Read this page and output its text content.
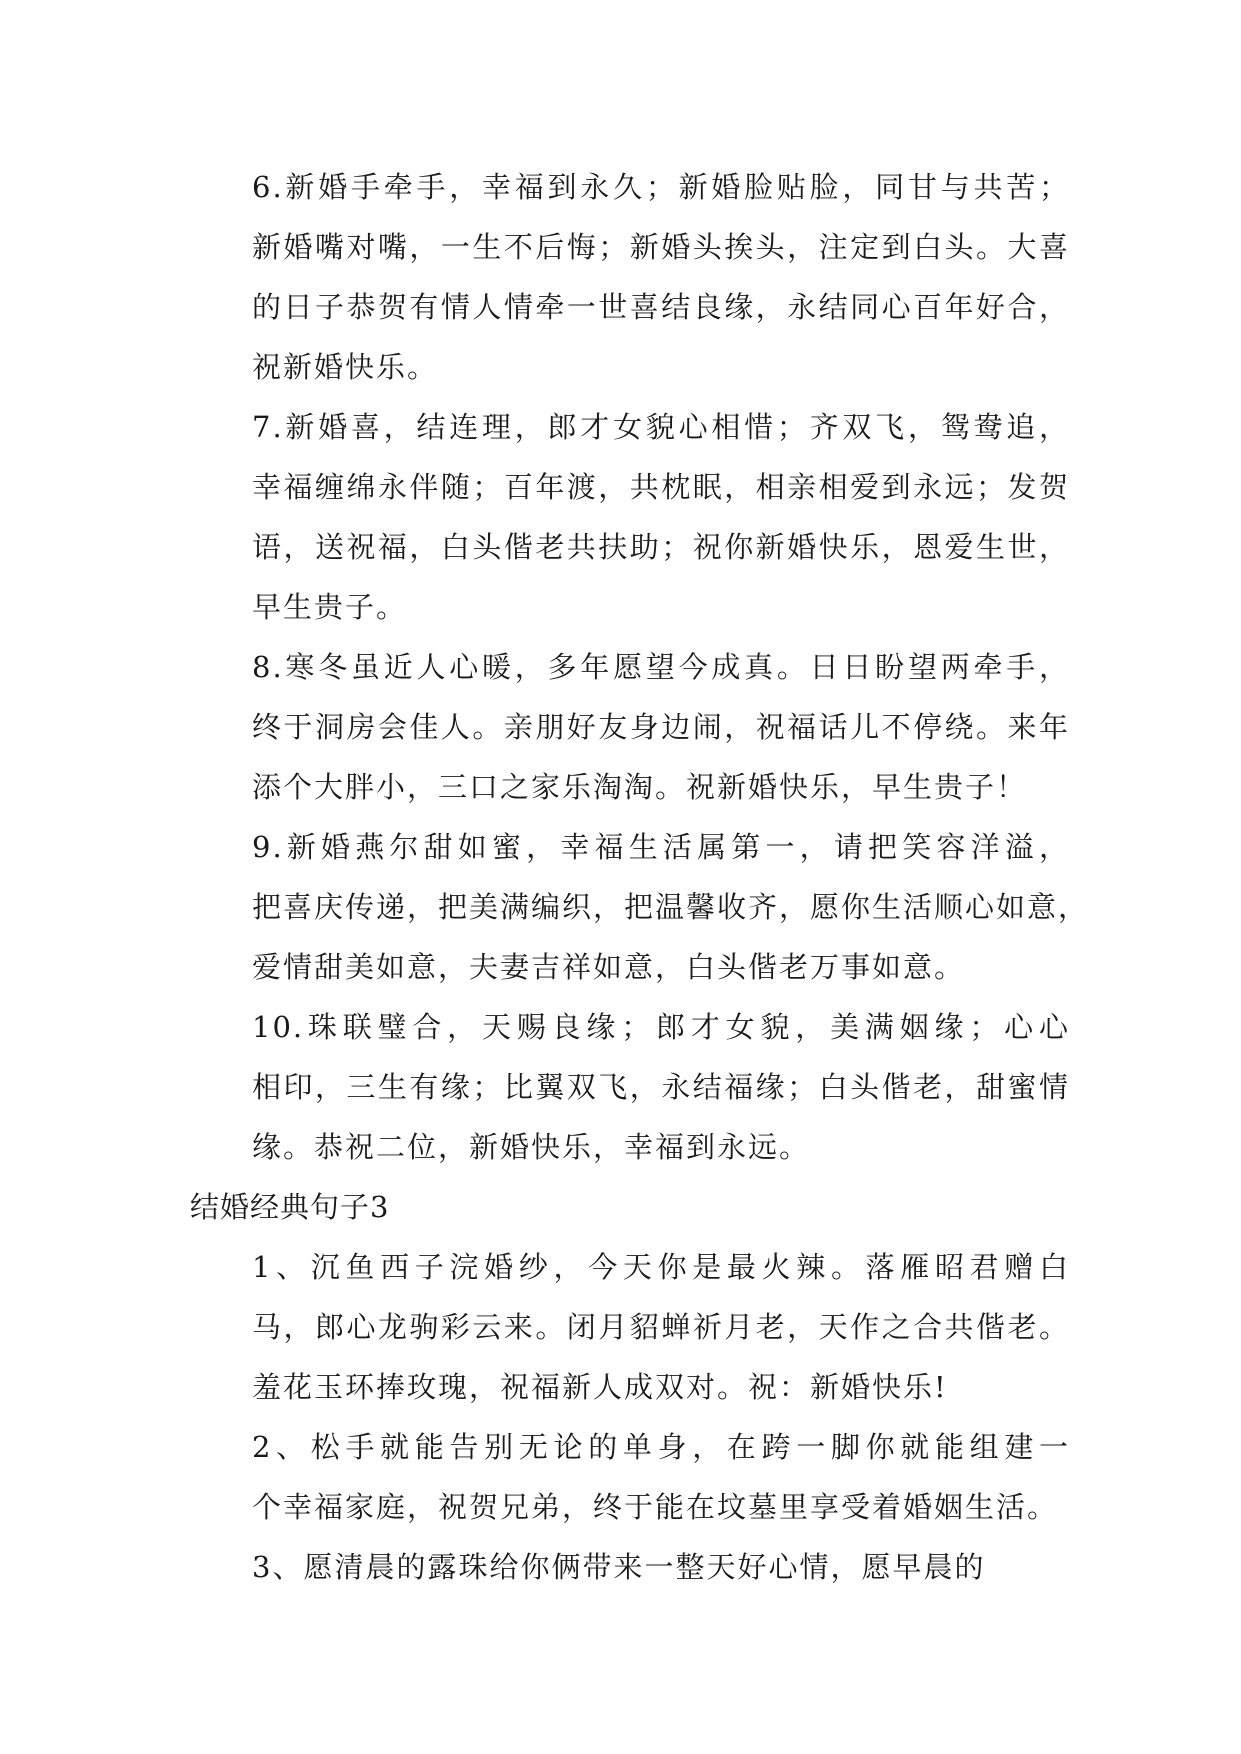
6.新婚手牵手，幸福到永久；新婚脸贴脸，同甘与共苦；
新婚嘴对嘴，一生不后悔；新婚头挨头，注定到白头。大喜
的日子恭贺有情人情牵一世喜结良缘，永结同心百年好合，
祝新婚快乐。

7.新婚喜，结连理，郎才女貌心相惜；齐双飞，鸳鸯追，
幸福缠绵永伴随；百年渡，共枕眠，相亲相爱到永远；发贺
语，送祝福，白头偕老共扶助；祝你新婚快乐，恩爱生世，
早生贵子。

8.寒冬虽近人心暖，多年愿望今成真。日日盼望两牵手，
终于洞房会佳人。亲朋好友身边闹，祝福话儿不停绕。来年
添个大胖小，三口之家乐淘淘。祝新婚快乐，早生贵子！

9.新婚燕尔甜如蜜，幸福生活属第一，请把笑容洋溢，
把喜庆传递，把美满编织，把温馨收齐，愿你生活顺心如意，
爱情甜美如意，夫妻吉祥如意，白头偕老万事如意。

10.珠联璧合，天赐良缘；郎才女貌，美满姻缘；心心
相印，三生有缘；比翼双飞，永结福缘；白头偕老，甜蜜情
缘。恭祝二位，新婚快乐，幸福到永远。

结婚经典句子3

1、沉鱼西子浣婚纱，今天你是最火辣。落雁昭君赠白
马，郎心龙驹彩云来。闭月貂蝉祈月老，天作之合共偕老。
羞花玉环捧玫瑰，祝福新人成双对。祝：新婚快乐!

2、松手就能告别无论的单身，在跨一脚你就能组建一
个幸福家庭，祝贺兄弟，终于能在坟墓里享受着婚姻生活。

3、愿清晨的露珠给你俩带来一整天好心情，愿早晨的
